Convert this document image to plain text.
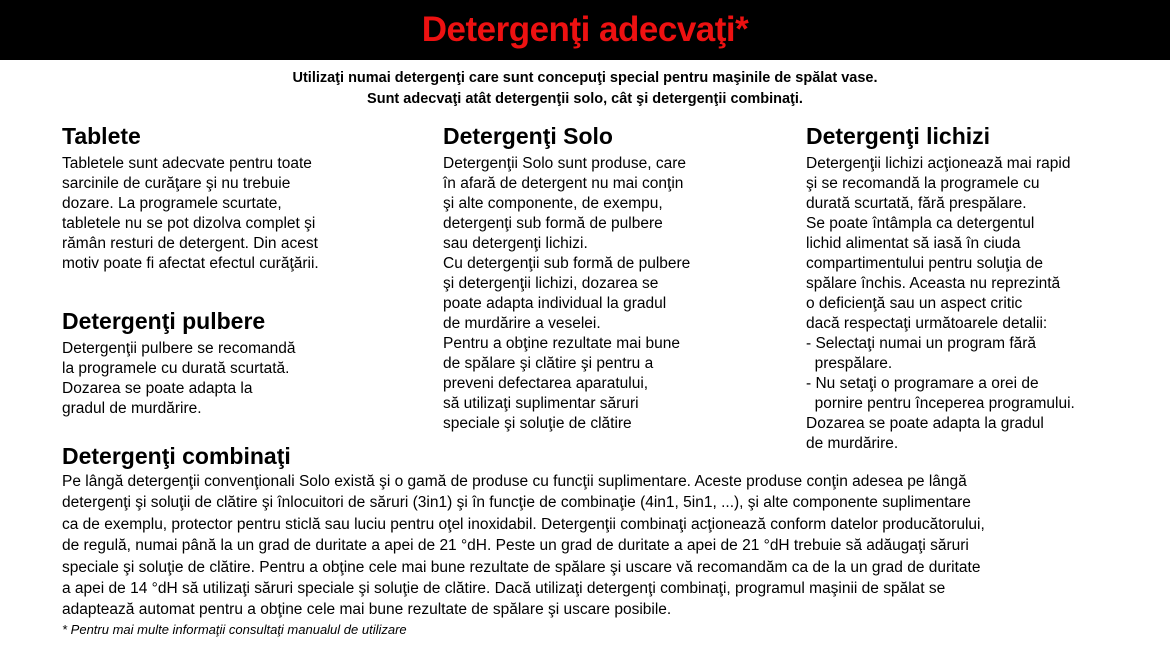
Detergenţi adecvaţi*
Utilizaţi numai detergenţi care sunt concepuţi special pentru maşinile de spălat vase.
Sunt adecvaţi atât detergenţii solo, cât şi detergenţii combinaţi.
Tablete
Tabletele sunt adecvate pentru toate
sarcinile de curăţare şi nu trebuie
dozare. La programele scurtate,
tabletele nu se pot dizolva complet şi
rămân resturi de detergent. Din acest
motiv poate fi afectat efectul curăţării.
Detergenţi pulbere
Detergenţii pulbere se recomandă
la programele cu durată scurtată.
Dozarea se poate adapta la
gradul de murdărire.
Detergenţi Solo
Detergenţii Solo sunt produse, care
în afară de detergent nu mai conţin
şi alte componente, de exempu,
detergenţi sub formă de pulbere
sau detergenţi lichizi.
Cu detergenţii sub formă de pulbere
şi detergenţii lichizi, dozarea se
poate adapta individual la gradul
de murdărire a veselei.
Pentru a obţine rezultate mai bune
de spălare şi clătire şi pentru a
preveni defectarea aparatului,
să utilizaţi suplimentar săruri
speciale şi soluţie de clătire
Detergenţi lichizi
Detergenţii lichizi acţionează mai rapid
şi se recomandă la programele cu
durată scurtată, fără prespălare.
Se poate întâmpla ca detergentul
lichid alimentat să iasă în ciuda
compartimentului pentru soluţia de
spălare închis. Aceasta nu reprezintă
o deficienţă sau un aspect critic
dacă respectaţi următoarele detalii:
- Selectaţi numai un program fără
prespălare.
- Nu setaţi o programare a orei de
pornire pentru începerea programului.
Dozarea se poate adapta la gradul
de murdărire.
Detergenţi combinaţi
Pe lângă detergenţii convenţionali Solo există şi o gamă de produse cu funcţii suplimentare. Aceste produse conţin adesea pe lângă
detergenţi şi soluţii de clătire şi înlocuitori de săruri (3in1) şi în funcţie de combinaţie (4in1, 5in1, ...), şi alte componente suplimentare
ca de exemplu, protector pentru sticlă sau luciu pentru oţel inoxidabil. Detergenţii combinaţi acţionează conform datelor producătorului,
de regulă, numai până la un grad de duritate a apei de 21 °dH. Peste un grad de duritate a apei de 21 °dH trebuie să adăugaţi săruri
speciale şi soluţie de clătire. Pentru a obţine cele mai bune rezultate de spălare şi uscare vă recomandăm ca de la un grad de duritate
a apei de 14 °dH să utilizaţi săruri speciale şi soluţie de clătire. Dacă utilizaţi detergenţi combinaţi, programul maşinii de spălat se
adaptează automat pentru a obţine cele mai bune rezultate de spălare şi uscare posibile.
* Pentru mai multe informaţii consultaţi manualul de utilizare
